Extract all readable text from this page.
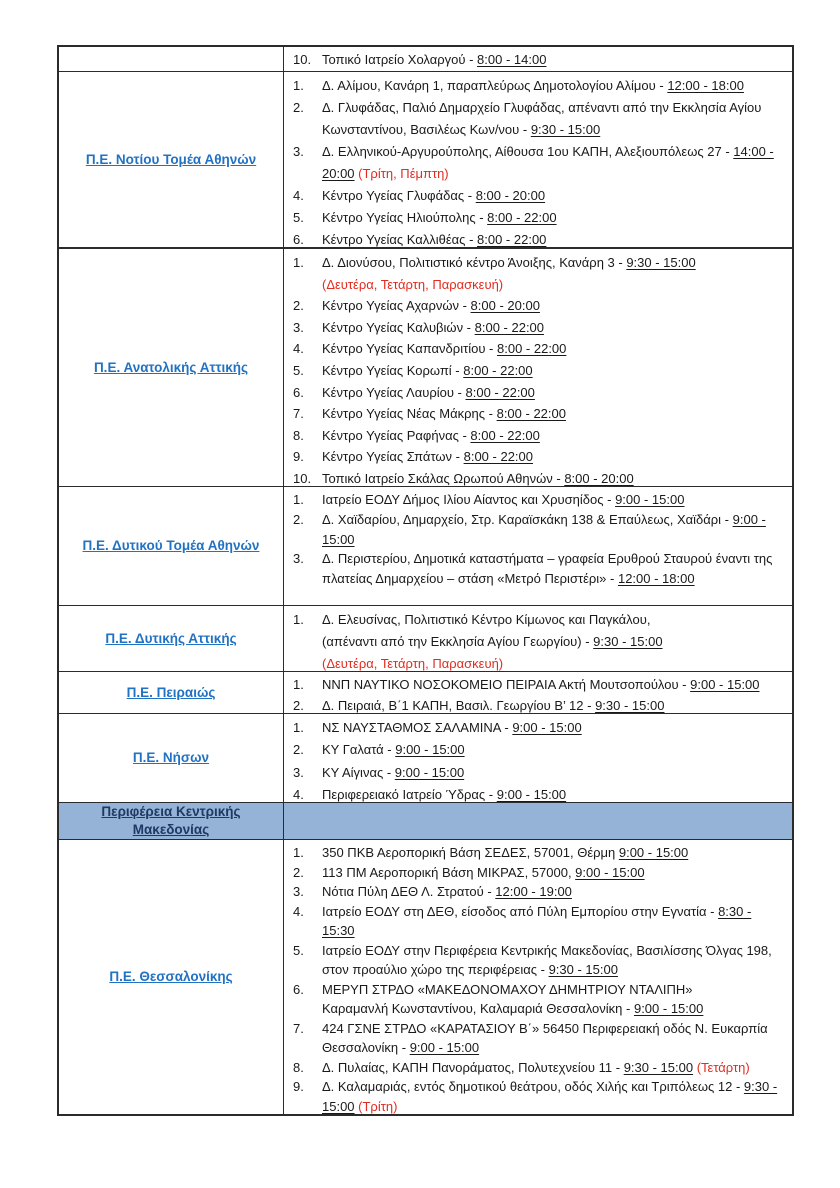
10. Τοπικό Ιατρείο Χολαργού - 8:00 - 14:00
Π.Ε. Νοτίου Τομέα Αθηνών
1.	Δ. Αλίμου, Κανάρη 1, παραπλεύρως Δημοτολογίου Αλίμου - 12:00 - 18:00
2.	Δ. Γλυφάδας, Παλιό Δημαρχείο Γλυφάδας, απέναντι από την Εκκλησία Αγίου Κωνσταντίνου, Βασιλέως Κων/νου - 9:30 - 15:00
3.	Δ. Ελληνικού-Αργυρούπολης, Αίθουσα 1ου ΚΑΠΗ, Αλεξιουπόλεως 27 - 14:00 - 20:00 (Τρίτη, Πέμπτη)
4.	Κέντρο Υγείας Γλυφάδας - 8:00 - 20:00
5.	Κέντρο Υγείας Ηλιούπολης - 8:00 - 22:00
6.	Κέντρο Υγείας Καλλιθέας - 8:00 - 22:00
Π.Ε. Ανατολικής Αττικής
1.	Δ. Διονύσου, Πολιτιστικό κέντρο Άνοιξης, Κανάρη 3 - 9:30 - 15:00
(Δευτέρα, Τετάρτη, Παρασκευή)
2.	Κέντρο Υγείας Αχαρνών - 8:00 - 20:00
3.	Κέντρο Υγείας Καλυβιών - 8:00 - 22:00
4.	Κέντρο Υγείας Καπανδριτίου - 8:00 - 22:00
5.	Κέντρο Υγείας Κορωπί - 8:00 - 22:00
6.	Κέντρο Υγείας Λαυρίου - 8:00 - 22:00
7.	Κέντρο Υγείας Νέας Μάκρης - 8:00 - 22:00
8.	Κέντρο Υγείας Ραφήνας - 8:00 - 22:00
9.	Κέντρο Υγείας Σπάτων - 8:00 - 22:00
10. Τοπικό Ιατρείο Σκάλας Ωρωπού Αθηνών - 8:00 - 20:00
Π.Ε. Δυτικού Τομέα Αθηνών
1.	Ιατρείο ΕΟΔΥ Δήμος Ιλίου Αίαντος και Χρυσηίδος - 9:00 - 15:00
2.	Δ. Χαϊδαρίου, Δημαρχείο, Στρ. Καραϊσκάκη 138 & Επαύλεως, Χαϊδάρι - 9:00 - 15:00
3.	Δ. Περιστερίου, Δημοτικά καταστήματα – γραφεία Ερυθρού Σταυρού έναντι της πλατείας Δημαρχείου – στάση «Μετρό Περιστέρι» - 12:00 - 18:00
Π.Ε. Δυτικής Αττικής
1.	Δ. Ελευσίνας, Πολιτιστικό Κέντρο Κίμωνος και Παγκάλου,
(απέναντι από την Εκκλησία Αγίου Γεωργίου) - 9:30 - 15:00
(Δευτέρα, Τετάρτη, Παρασκευή)
Π.Ε. Πειραιώς	1.	ΝΝΠ ΝΑΥΤΙΚΟ ΝΟΣΟΚΟΜΕΙΟ ΠΕΙΡΑΙΑ Ακτή Μουτσοπούλου - 9:00 - 15:00
2.	Δ. Πειραιά, Β΄1 ΚΑΠΗ, Βασιλ. Γεωργίου Β’ 12 - 9:30 - 15:00
Π.Ε. Νήσων
1.	ΝΣ ΝΑΥΣΤΑΘΜΟΣ ΣΑΛΑΜΙΝΑ - 9:00 - 15:00
2.	ΚΥ Γαλατά - 9:00 - 15:00
3.	ΚΥ Αίγινας - 9:00 - 15:00
4.	Περιφερειακό Ιατρείο Ύδρας - 9:00 - 15:00
Περιφέρεια Κεντρικής Μακεδονίας
Π.Ε. Θεσσαλονίκης
1.	350 ΠΚΒ Αεροπορική Βάση ΣΕΔΕΣ, 57001, Θέρμη 9:00 - 15:00
2.	113 ΠΜ Αεροπορική Βάση ΜΙΚΡΑΣ, 57000, 9:00 - 15:00
3.	Νότια Πύλη ΔΕΘ Λ. Στρατού - 12:00 - 19:00
4.	Ιατρείο ΕΟΔΥ στη ΔΕΘ, είσοδος από Πύλη Εμπορίου στην Εγνατία - 8:30 - 15:30
5.	Ιατρείο ΕΟΔΥ στην Περιφέρεια Κεντρικής Μακεδονίας, Βασιλίσσης Όλγας 198, στον προαύλιο χώρο της περιφέρειας - 9:30 - 15:00
6.	ΜΕΡΥΠ ΣΤΡΔΟ «ΜΑΚΕΔΟΝΟΜΑΧΟΥ ΔΗΜΗΤΡΙΟΥ ΝΤΑΛΙΠΗ»
Καραμανλή Κωνσταντίνου, Καλαμαριά Θεσσαλονίκη - 9:00 - 15:00
7.	424 ΓΣΝΕ ΣΤΡΔΟ «ΚΑΡΑΤΑΣΙΟΥ Β΄» 56450 Περιφερειακή οδός Ν. Ευκαρπία Θεσσαλονίκη - 9:00 - 15:00
8.	Δ. Πυλαίας, ΚΑΠΗ Πανοράματος, Πολυτεχνείου 11 - 9:30 - 15:00 (Τετάρτη)
9.	Δ. Καλαμαριάς, εντός δημοτικού θεάτρου, οδός Χιλής και Τριπόλεως 12 - 9:30 - 15:00 (Τρίτη)
